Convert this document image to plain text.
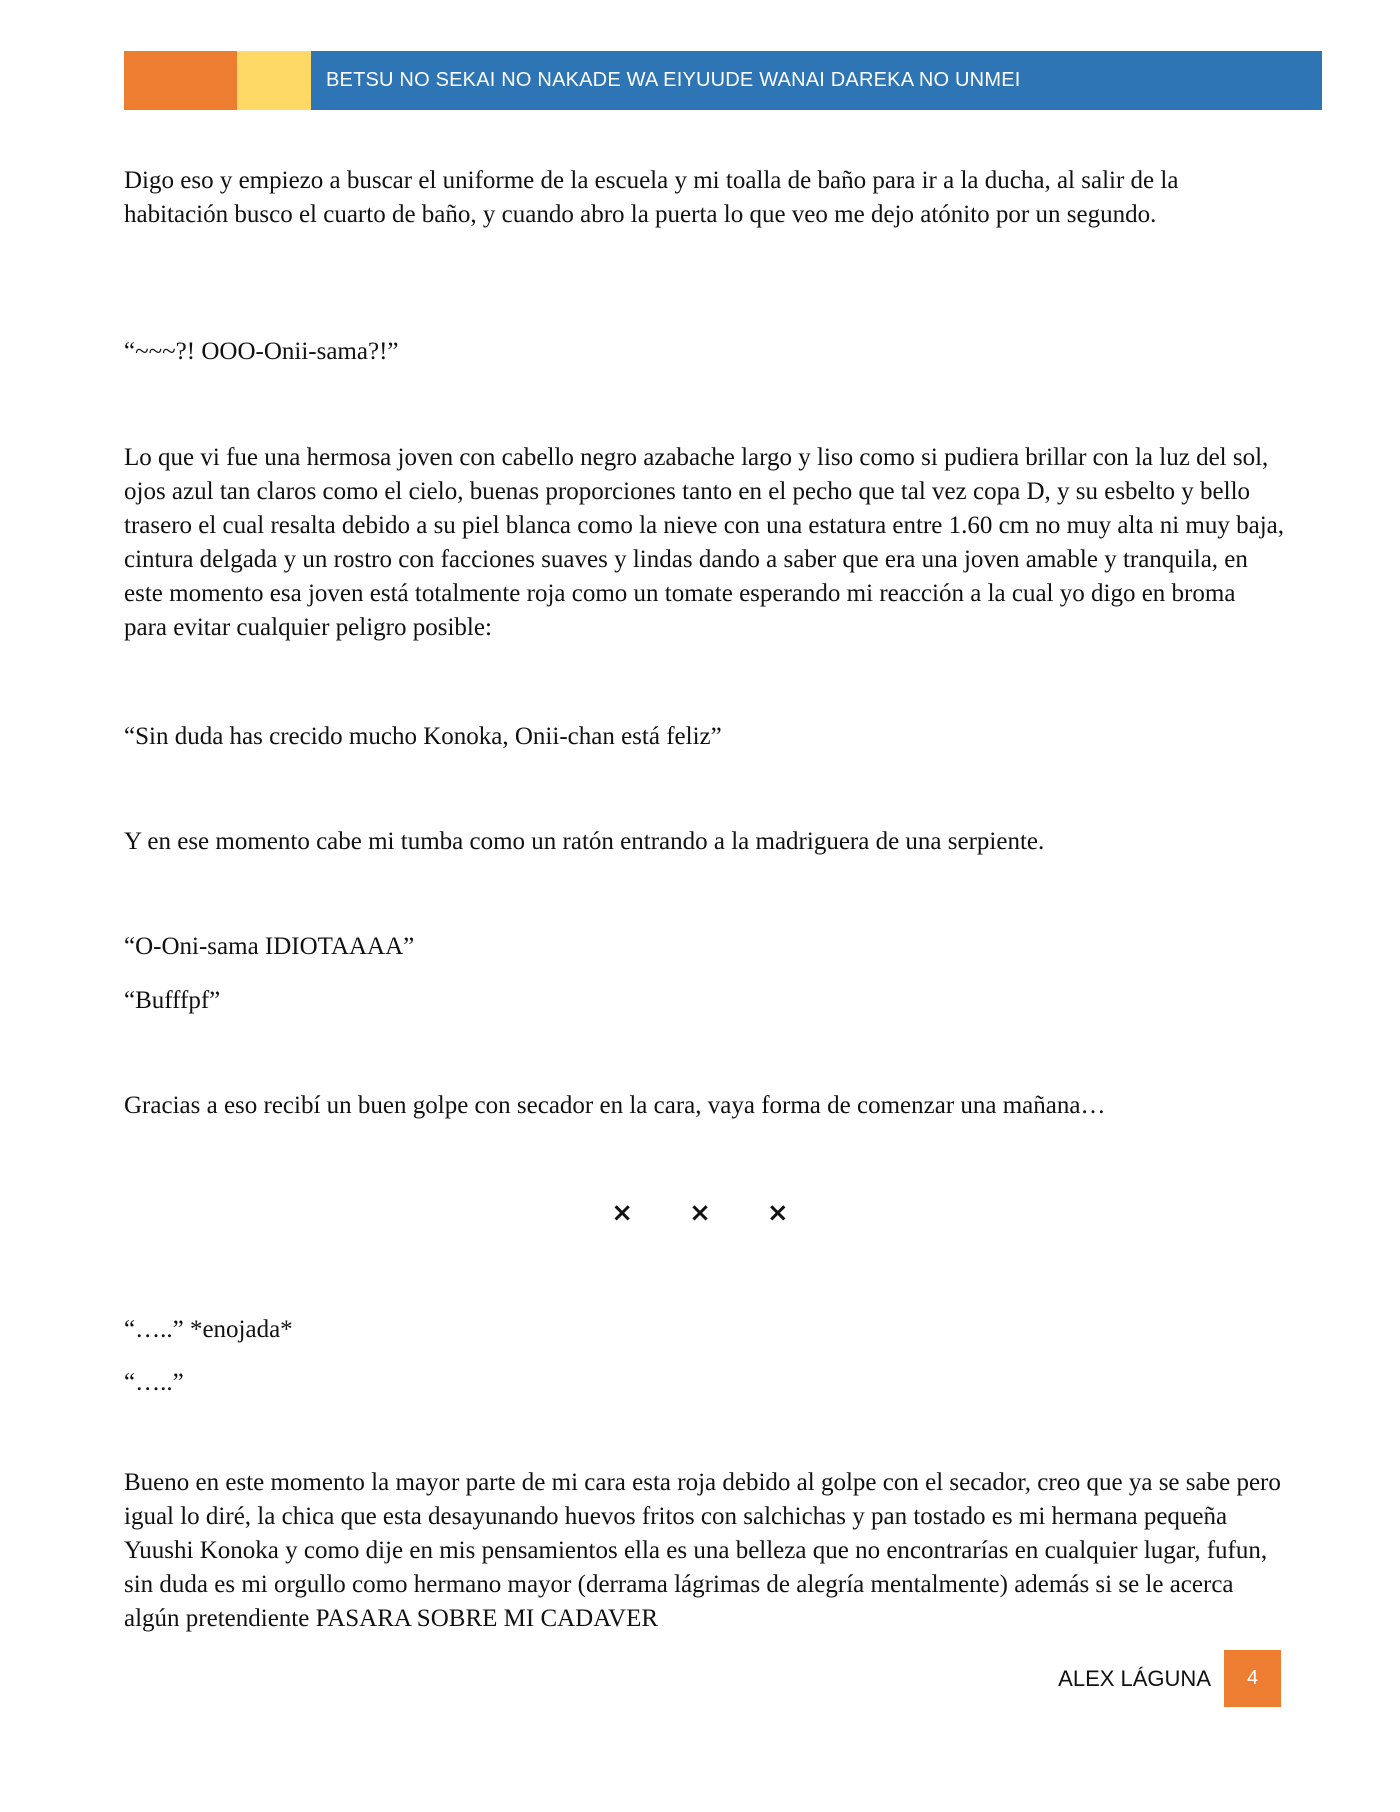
BETSU NO SEKAI NO NAKADE WA EIYUUDE WANAI DAREKA NO UNMEI

Digo eso y empiezo a buscar el uniforme de la escuela y mi toalla de baño para ir a la ducha, al salir de la habitación busco el cuarto de baño, y cuando abro la puerta lo que veo me dejo atónito por un segundo.

“~~~?! OOO-Onii-sama?!”

Lo que vi fue una hermosa joven con cabello negro azabache largo y liso como si pudiera brillar con la luz del sol, ojos azul tan claros como el cielo, buenas proporciones tanto en el pecho que tal vez copa D, y su esbelto y bello trasero el cual resalta debido a su piel blanca como la nieve con una estatura entre 1.60 cm no muy alta ni muy baja, cintura delgada y un rostro con facciones suaves y lindas dando a saber que era una joven amable y tranquila, en este momento esa joven está totalmente roja como un tomate esperando mi reacción a la cual yo digo en broma para evitar cualquier peligro posible:

“Sin duda has crecido mucho Konoka, Onii-chan está feliz”

Y en ese momento cabe mi tumba como un ratón entrando a la madriguera de una serpiente.

“O-Oni-sama IDIOTAAAA”

“Bufffpf”

Gracias a eso recibí un buen golpe con secador en la cara, vaya forma de comenzar una mañana…

“…..” *enojada*

“…..”

Bueno en este momento la mayor parte de mi cara esta roja debido al golpe con el secador, creo que ya se sabe pero igual lo diré, la chica que esta desayunando huevos fritos con salchichas y pan tostado es mi hermana pequeña Yuushi Konoka y como dije en mis pensamientos ella es una belleza que no encontrarías en cualquier lugar, fufun, sin duda es mi orgullo como hermano mayor (derrama lágrimas de alegría mentalmente) además si se le acerca algún pretendiente PASARA SOBRE MI CADAVER

× × ×
ALEX LÁGUNA	4
